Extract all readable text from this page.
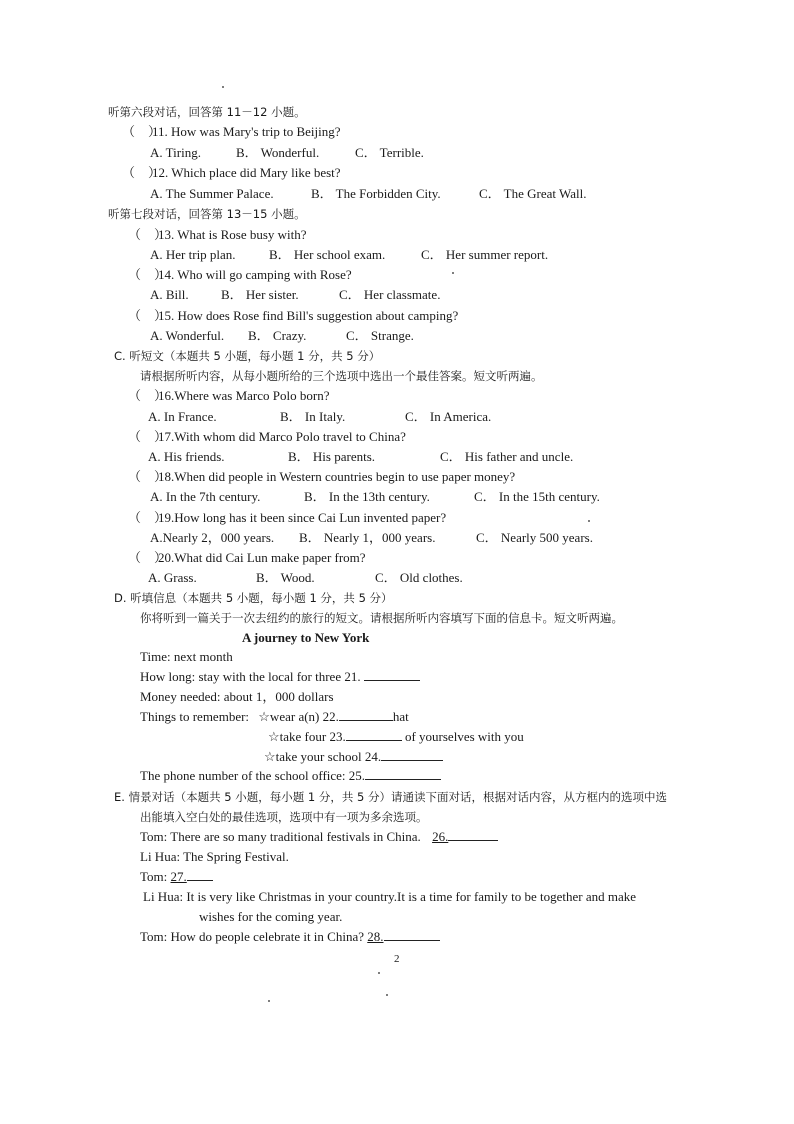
听第六段对话，回答第 11－12 小题。
（　）11. How was Mary's trip to Beijing?
A. Tiring.	B． Wonderful.	C． Terrible.
（　）12. Which place did Mary like best?
A. The Summer Palace.	B． The Forbidden City.	C． The Great Wall.
听第七段对话，回答第 13－15 小题。
（　）13. What is Rose busy with?
A. Her trip plan.	B． Her school exam.	C． Her summer report.
（　）14. Who will go camping with Rose?
A. Bill. B． Her sister.	C． Her classmate.
（　）15. How does Rose find Bill's suggestion about camping?
A. Wonderful. B． Crazy.	C． Strange.
C. 听短文（本题共 5 小题，每小题 1 分，共 5 分）
请根据所听内容，从每小题所给的三个选项中选出一个最佳答案。短文听两遍。
（　）16.Where was Marco Polo born?
A. In France.	B． In Italy.	C． In America.
（　）17.With whom did Marco Polo travel to China?
A. His friends.	B． His parents.	C． His father and uncle.
（　）18.When did people in Western countries begin to use paper money?
A. In the 7th century.	B． In the 13th century.	C． In the 15th century.
（　）19.How long has it been since Cai Lun invented paper?
A.Nearly 2，000 years. B． Nearly 1，000 years.	C． Nearly 500 years.
（　）20.What did Cai Lun make paper from?
A. Grass.	B． Wood.	C． Old clothes.
D. 听填信息（本题共 5 小题，每小题 1 分，共 5 分）
你将听到一篇关于一次去纽约的旅行的短文。请根据所听内容填写下面的信息卡。短文听两遍。
A journey to New York
Time: next month
How long: stay with the local for three 21.
Money needed: about 1，000 dollars
Things to remember: ☆wear a(n) 22.	hat
☆take four 23.	of yourselves with you
☆take your school 24.
The phone number of the school office: 25.
E. 情景对话（本题共 5 小题，每小题 1 分，共 5 分）请通读下面对话，根据对话内容，从方框内的选项中选
出能填入空白处的最佳选项，选项中有一项为多余选项。
Tom: There are so many traditional festivals in China. 26.
Li Hua: The Spring Festival.
Tom: 27.
Li Hua: It is very like Christmas in your country.It is a time for family to be together and make
wishes for the coming year.
Tom: How do people celebrate it in China? 28.
2
